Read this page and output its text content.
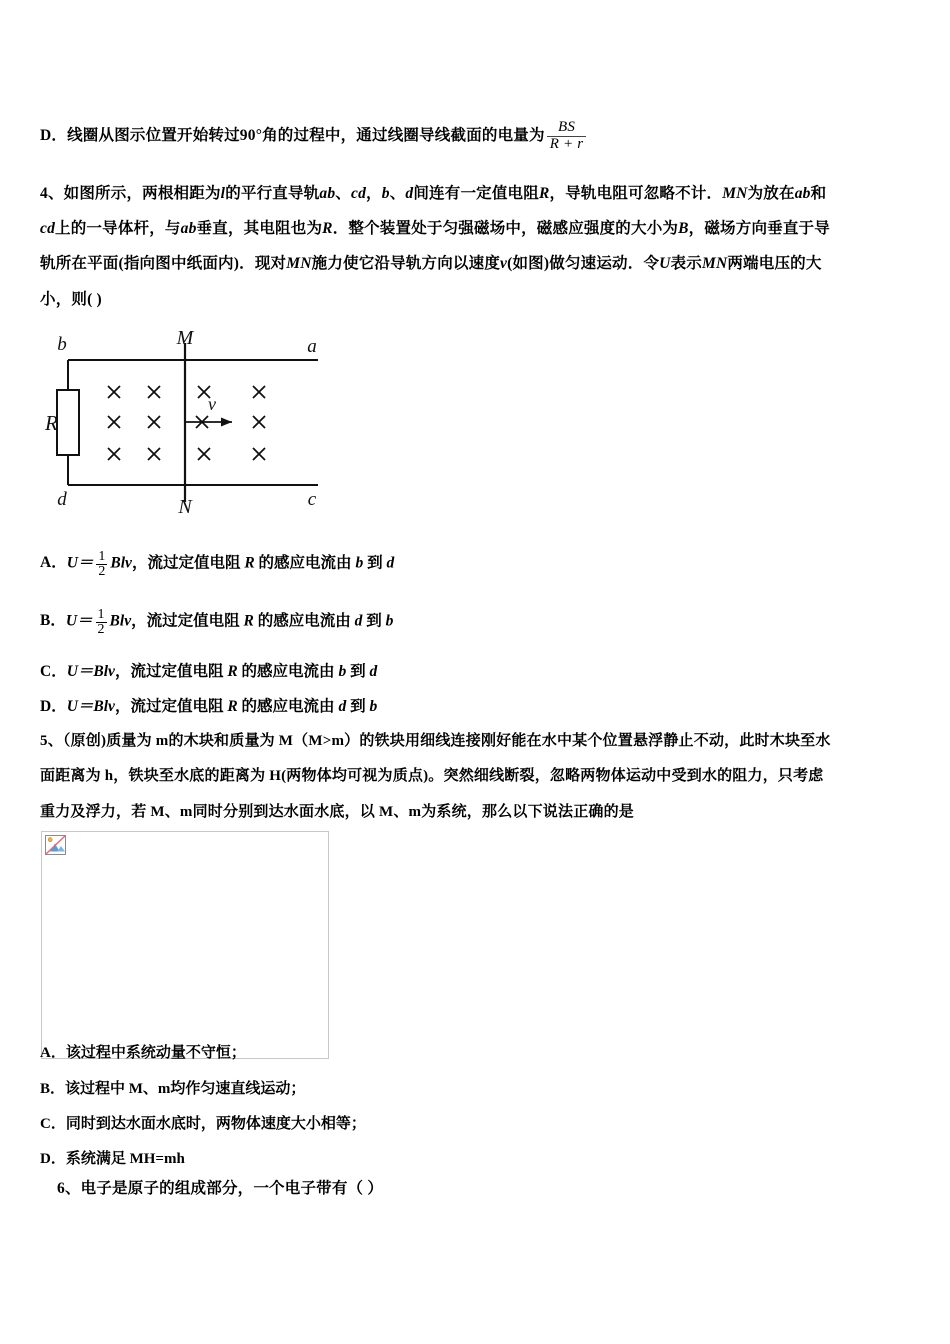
D．线圈从图示位置开始转过90°角的过程中，通过线圈导线截面的电量为 $\frac{BS}{R + r}$
4、如图所示，两根相距为l的平行直导轨ab、cd，b、d间连有一定值电阻R，导轨电阻可忽略不计．MN为放在ab和
cd上的一导体杆，与ab垂直，其电阻也为R．整个装置处于匀强磁场中，磁感应强度的大小为B，磁场方向垂直于导
轨所在平面(指向图中纸面内)．现对MN施力使它沿导轨方向以速度v(如图)做匀速运动．令U表示MN两端电压的大
小，则( )
b
d
a
c
M
N
R
v
A．$U= \frac{1}{2}$ Blv，流过定值电阻 R 的感应电流由 b 到 d
B．$U= \frac{1}{2}$ Blv，流过定值电阻 R 的感应电流由 d 到 b
C．U＝Blv，流过定值电阻 R 的感应电流由 b 到 d
D．U＝Blv，流过定值电阻 R 的感应电流由 d 到 b
5、（原创)质量为 m的木块和质量为 M（M>m）的铁块用细线连接刚好能在水中某个位置悬浮静止不动，此时木块至水
面距离为 h，铁块至水底的距离为 H(两物体均可视为质点)。突然细线断裂，忽略两物体运动中受到水的阻力，只考虑
重力及浮力，若 M、m同时分别到达水面水底，以 M、m为系统，那么以下说法正确的是
A．该过程中系统动量不守恒；
B．该过程中 M、m均作匀速直线运动；
C．同时到达水面水底时，两物体速度大小相等；
D．系统满足 MH=mh
6、电子是原子的组成部分，一个电子带有（ ）
